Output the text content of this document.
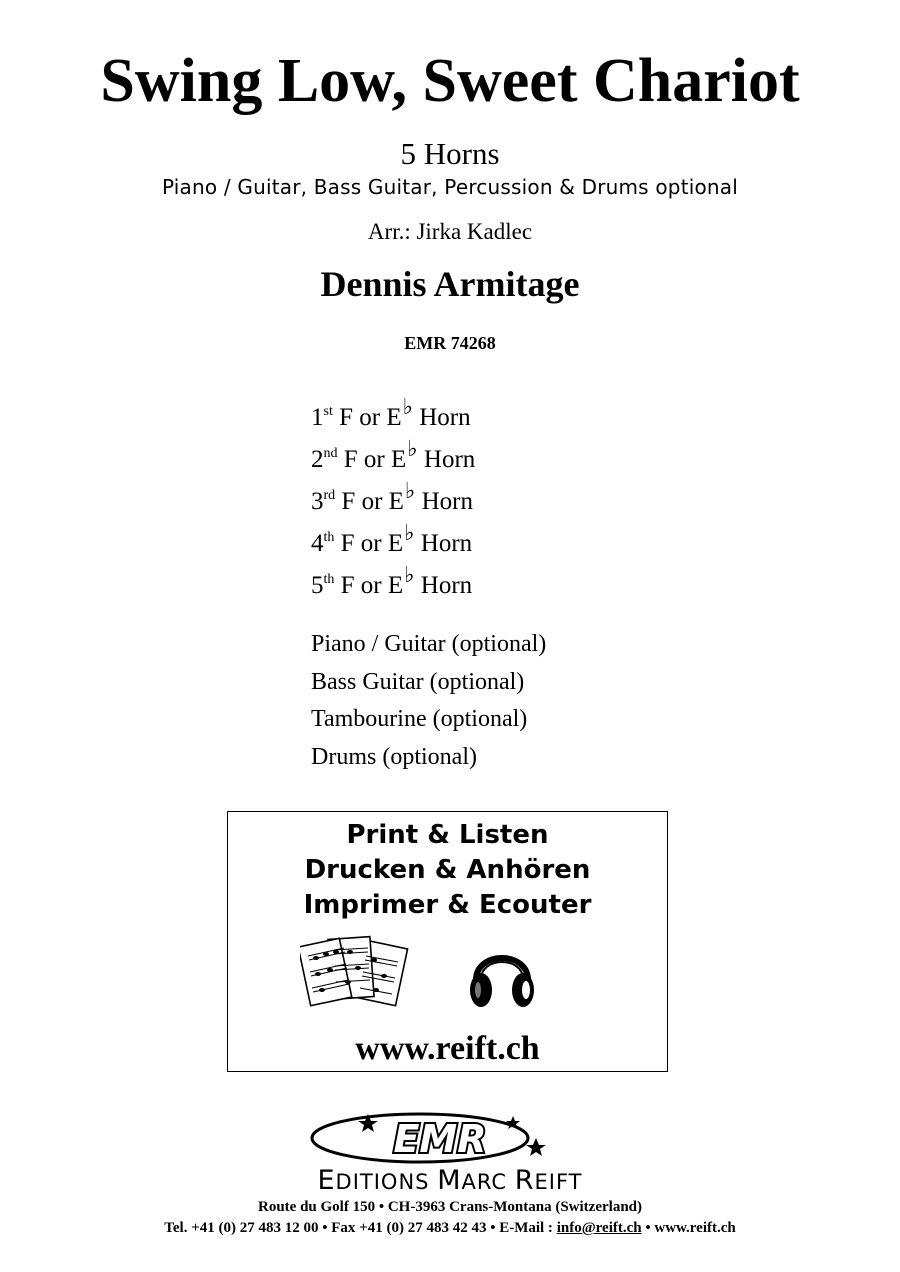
Swing Low, Sweet Chariot
5 Horns
Piano / Guitar, Bass Guitar, Percussion & Drums optional
Arr.: Jirka Kadlec
Dennis Armitage
EMR 74268
1st F or E♭ Horn
2nd F or E♭ Horn
3rd F or E♭ Horn
4th F or E♭ Horn
5th F or E♭ Horn
Piano / Guitar (optional)
Bass Guitar (optional)
Tambourine (optional)
Drums (optional)
Print & Listen
Drucken & Anhören
Imprimer & Ecouter
www.reift.ch
EMR
EDITIONS MARC REIFT
Route du Golf 150 • CH-3963 Crans-Montana (Switzerland)
Tel. +41 (0) 27 483 12 00 • Fax +41 (0) 27 483 42 43 • E-Mail : info@reift.ch • www.reift.ch
